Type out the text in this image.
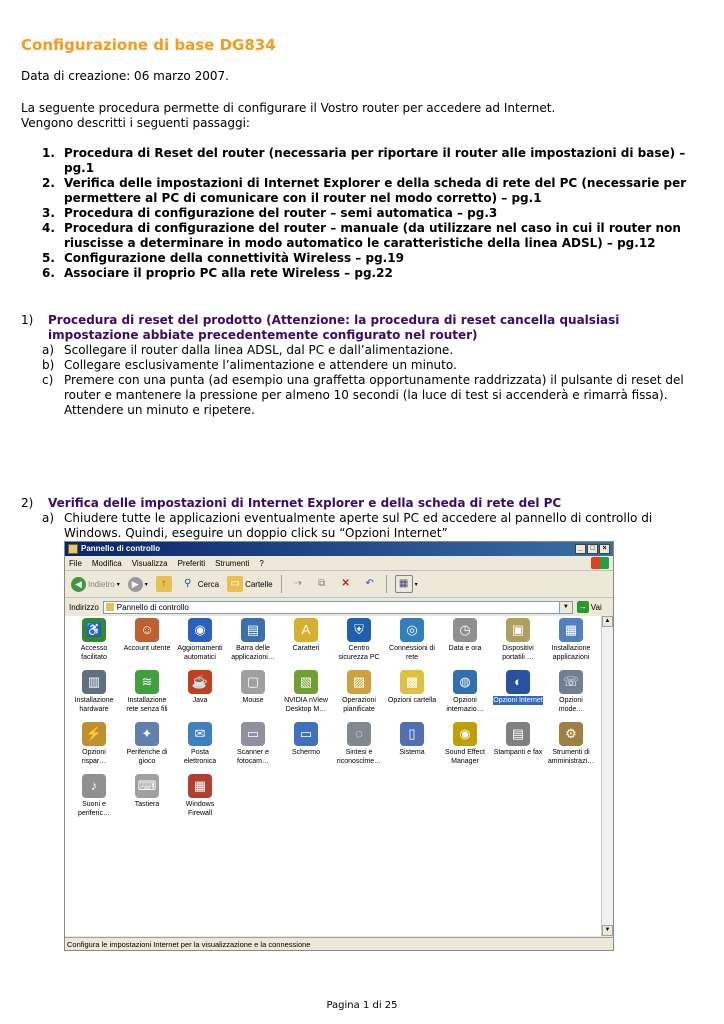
Configurazione di base DG834

Data di creazione: 06 marzo 2007.

La seguente procedura permette di configurare il Vostro router per accedere ad Internet.
Vengono descritti i seguenti passaggi:

1. Procedura di Reset del router (necessaria per riportare il router alle impostazioni di base) – pg.1
2. Verifica delle impostazioni di Internet Explorer e della scheda di rete del PC (necessarie per permettere al PC di comunicare con il router nel modo corretto) – pg.1
3. Procedura di configurazione del router – semi automatica – pg.3
4. Procedura di configurazione del router – manuale (da utilizzare nel caso in cui il router non riuscisse a determinare in modo automatico le caratteristiche della linea ADSL) – pg.12
5. Configurazione della connettività Wireless – pg.19
6. Associare il proprio PC alla rete Wireless – pg.22
1) Procedura di reset del prodotto (Attenzione: la procedura di reset cancella qualsiasi impostazione abbiate precedentemente configurato nel router)
a) Scollegare il router dalla linea ADSL, dal PC e dall’alimentazione.
b) Collegare esclusivamente l’alimentazione e attendere un minuto.
c) Premere con una punta (ad esempio una graffetta opportunamente raddrizzata) il pulsante di reset del router e mantenere la pressione per almeno 10 secondi (la luce di test si accenderà e rimarrà fissa). Attendere un minuto e ripetere.
2) Verifica delle impostazioni di Internet Explorer e della scheda di rete del PC
a) Chiudere tutte le applicazioni eventualmente aperte sul PC ed accedere al pannello di controllo di Windows. Quindi, eseguire un doppio click su “Opzioni Internet”
Pannello di controllo	_	□	×
File Modifica Visualizza Preferiti Strumenti ?
◀ Indietro ▾	▶	▾	↑	⚲ Cerca	▭ Cartelle	⇢	⧉	✕	↶	▦	▾
Indirizzo Pannello di controllo	▼	→ Vai
♿
Accesso facilitato
☺
Account utente
◉
Aggiornamenti automatici
▤
Barra delle applicazioni…
A
Caratteri
⛨
Centro sicurezza PC
◎
Connessioni di rete
◷
Data e ora
▣
Dispositivi portatili …
▦
Installazione applicazioni
▥
Installazione hardware
≋
Installazione rete senza fili
☕
Java
▢
Mouse
▧
NVIDIA nView Desktop M…
▨
Operazioni pianificate
▩
Opzioni cartella
◍
Opzioni internazio…
◐
Opzioni Internet
☏
Opzioni mode…
⚡
Opzioni rispar…
✦
Periferiche di gioco
✉
Posta elettronica
▭
Scanner e fotocam…
▭
Schermo
◌
Sintesi e riconoscime…
▯
Sistema
◉
Sound Effect Manager
▤
Stampanti e fax
⚙
Strumenti di amministrazi…
♪
Suoni e periferic…
⌨
Tastiera
▦
Windows Firewall
▲
▼
Configura le impostazioni Internet per la visualizzazione e la connessione
Pagina 1 di 25
